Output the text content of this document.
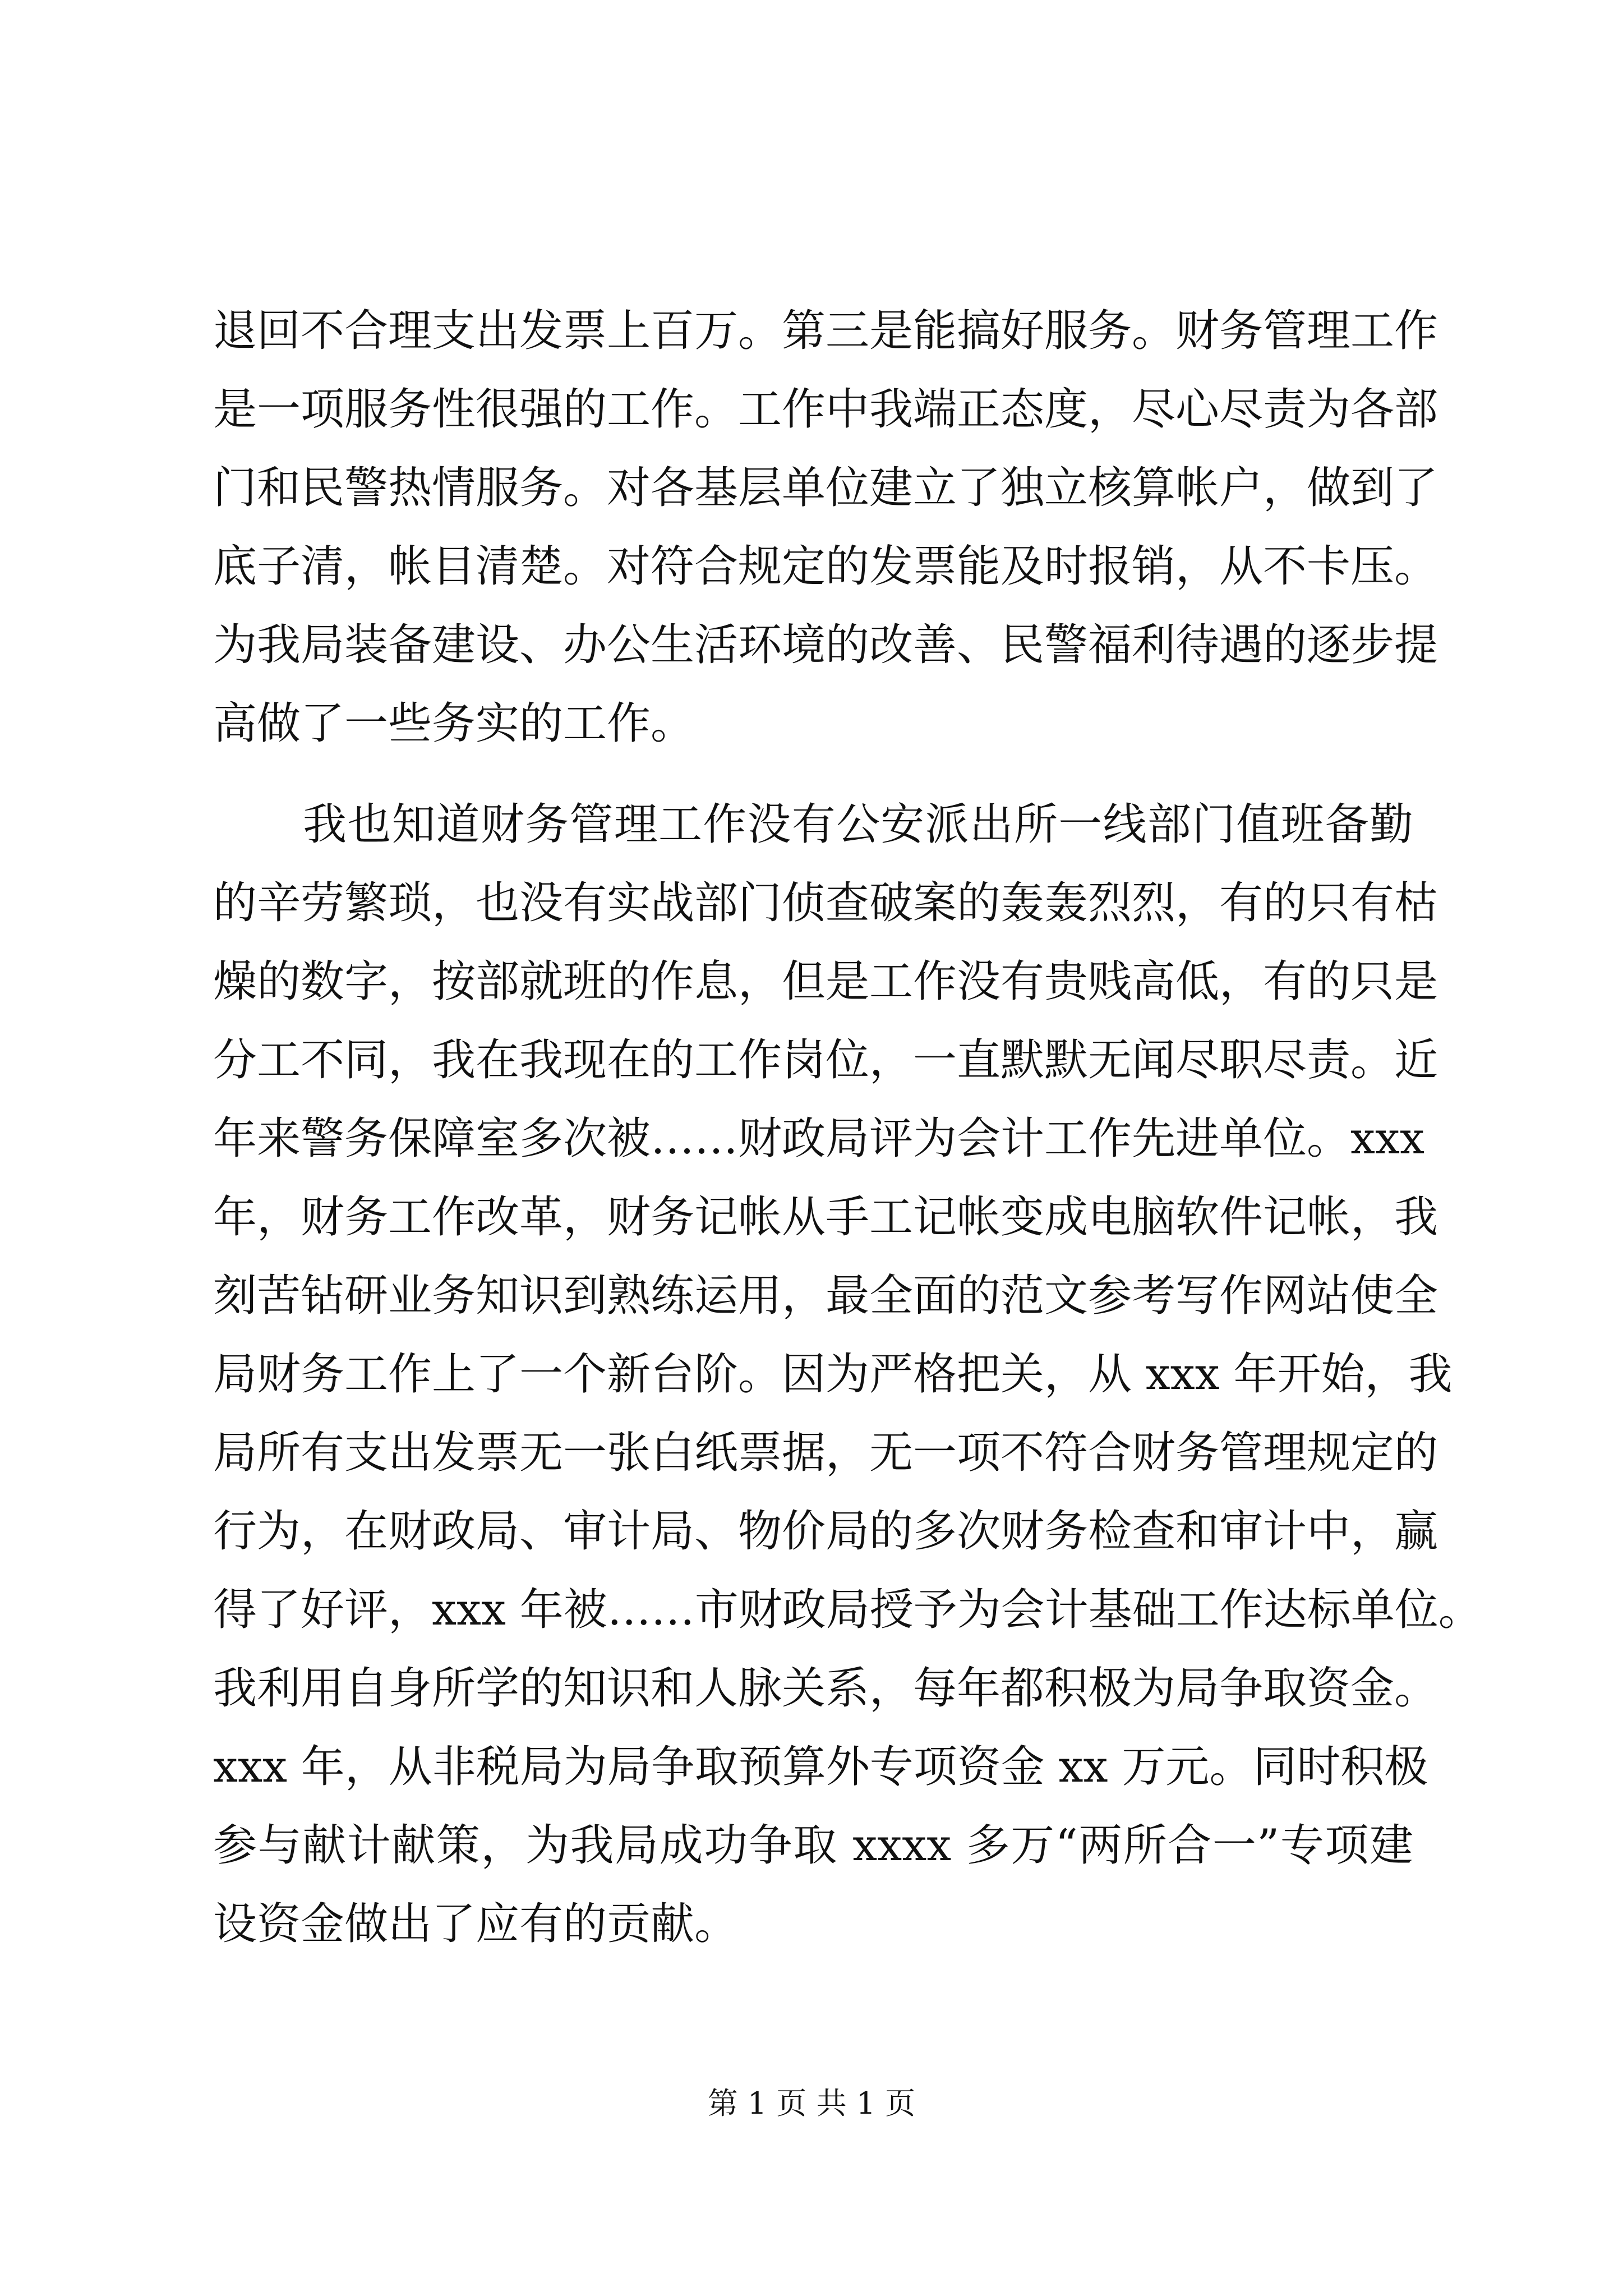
退回不合理支出发票上百万。第三是能搞好服务。财务管理工作
是一项服务性很强的工作。工作中我端正态度，尽心尽责为各部
门和民警热情服务。对各基层单位建立了独立核算帐户，做到了
底子清，帐目清楚。对符合规定的发票能及时报销，从不卡压。
为我局装备建设、办公生活环境的改善、民警福利待遇的逐步提
高做了一些务实的工作。
我也知道财务管理工作没有公安派出所一线部门值班备勤
的辛劳繁琐，也没有实战部门侦查破案的轰轰烈烈，有的只有枯
燥的数字，按部就班的作息，但是工作没有贵贱高低，有的只是
分工不同，我在我现在的工作岗位，一直默默无闻尽职尽责。近
年来警务保障室多次被……财政局评为会计工作先进单位。xxx
年，财务工作改革，财务记帐从手工记帐变成电脑软件记帐，我
刻苦钻研业务知识到熟练运用，最全面的范文参考写作网站使全
局财务工作上了一个新台阶。因为严格把关，从 xxx 年开始，我
局所有支出发票无一张白纸票据，无一项不符合财务管理规定的
行为，在财政局、审计局、物价局的多次财务检查和审计中，赢
得了好评，xxx 年被……市财政局授予为会计基础工作达标单位。
我利用自身所学的知识和人脉关系，每年都积极为局争取资金。
xxx 年，从非税局为局争取预算外专项资金 xx 万元。同时积极
参与献计献策，为我局成功争取 xxxx 多万“两所合一”专项建
设资金做出了应有的贡献。
第 1 页 共 1 页
